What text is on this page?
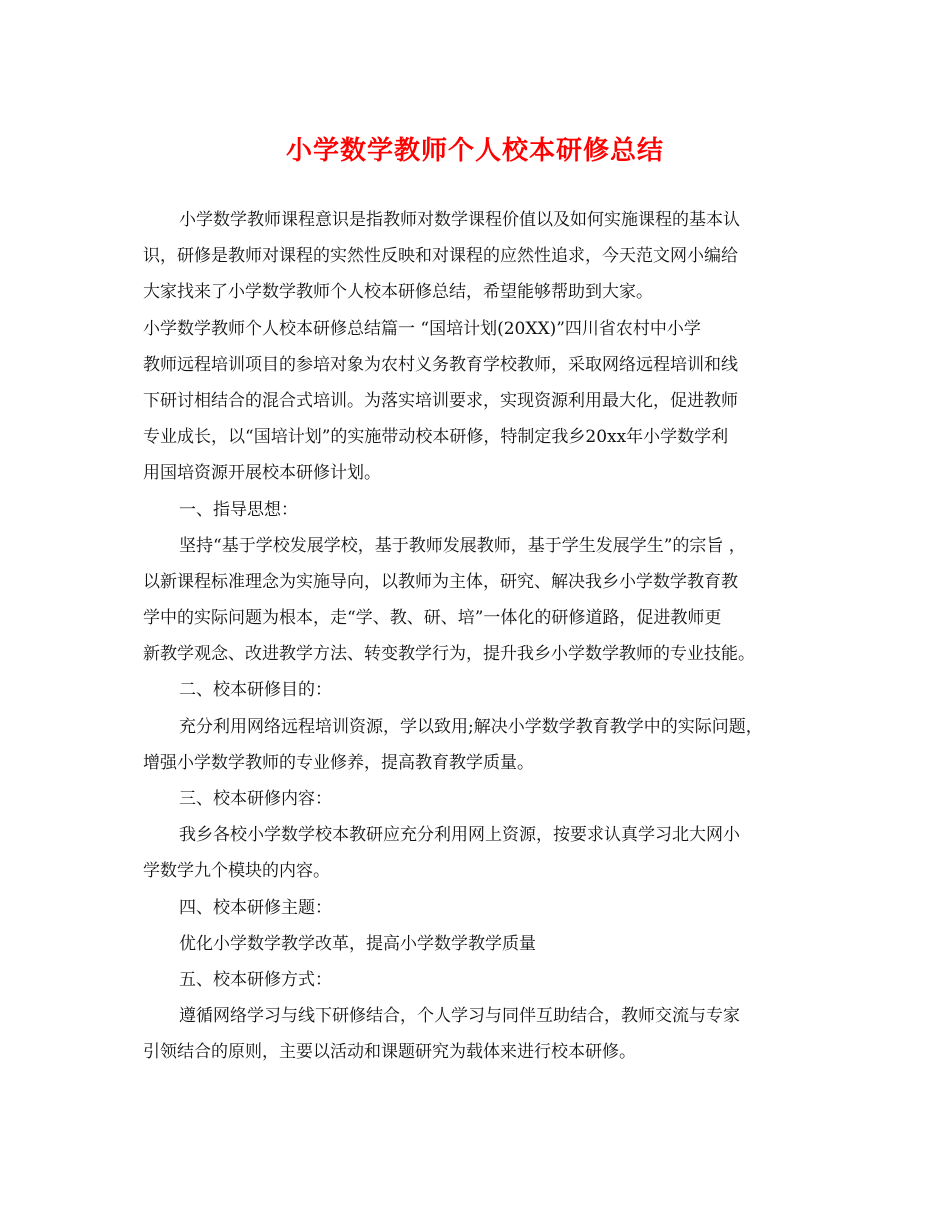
小学数学教师个人校本研修总结
小学数学教师课程意识是指教师对数学课程价值以及如何实施课程的基本认
识，研修是教师对课程的实然性反映和对课程的应然性追求，今天范文网小编给
大家找来了小学数学教师个人校本研修总结，希望能够帮助到大家。
小学数学教师个人校本研修总结篇一 “国培计划(20XX)”四川省农村中小学
教师远程培训项目的参培对象为农村义务教育学校教师，采取网络远程培训和线
下研讨相结合的混合式培训。为落实培训要求，实现资源利用最大化，促进教师
专业成长，以“国培计划”的实施带动校本研修，特制定我乡20xx年小学数学利
用国培资源开展校本研修计划。
一、指导思想：
坚持“基于学校发展学校，基于教师发展教师，基于学生发展学生”的宗旨 ，
以新课程标准理念为实施导向，以教师为主体，研究、解决我乡小学数学教育教
学中的实际问题为根本，走“学、教、研、培”一体化的研修道路，促进教师更
新教学观念、改进教学方法、转变教学行为，提升我乡小学数学教师的专业技能。
二、校本研修目的：
充分利用网络远程培训资源，学以致用;解决小学数学教育教学中的实际问题，
增强小学数学教师的专业修养，提高教育教学质量。
三、校本研修内容：
我乡各校小学数学校本教研应充分利用网上资源，按要求认真学习北大网小
学数学九个模块的内容。
四、校本研修主题：
优化小学数学教学改革，提高小学数学教学质量
五、校本研修方式：
遵循网络学习与线下研修结合，个人学习与同伴互助结合，教师交流与专家
引领结合的原则，主要以活动和课题研究为载体来进行校本研修。
